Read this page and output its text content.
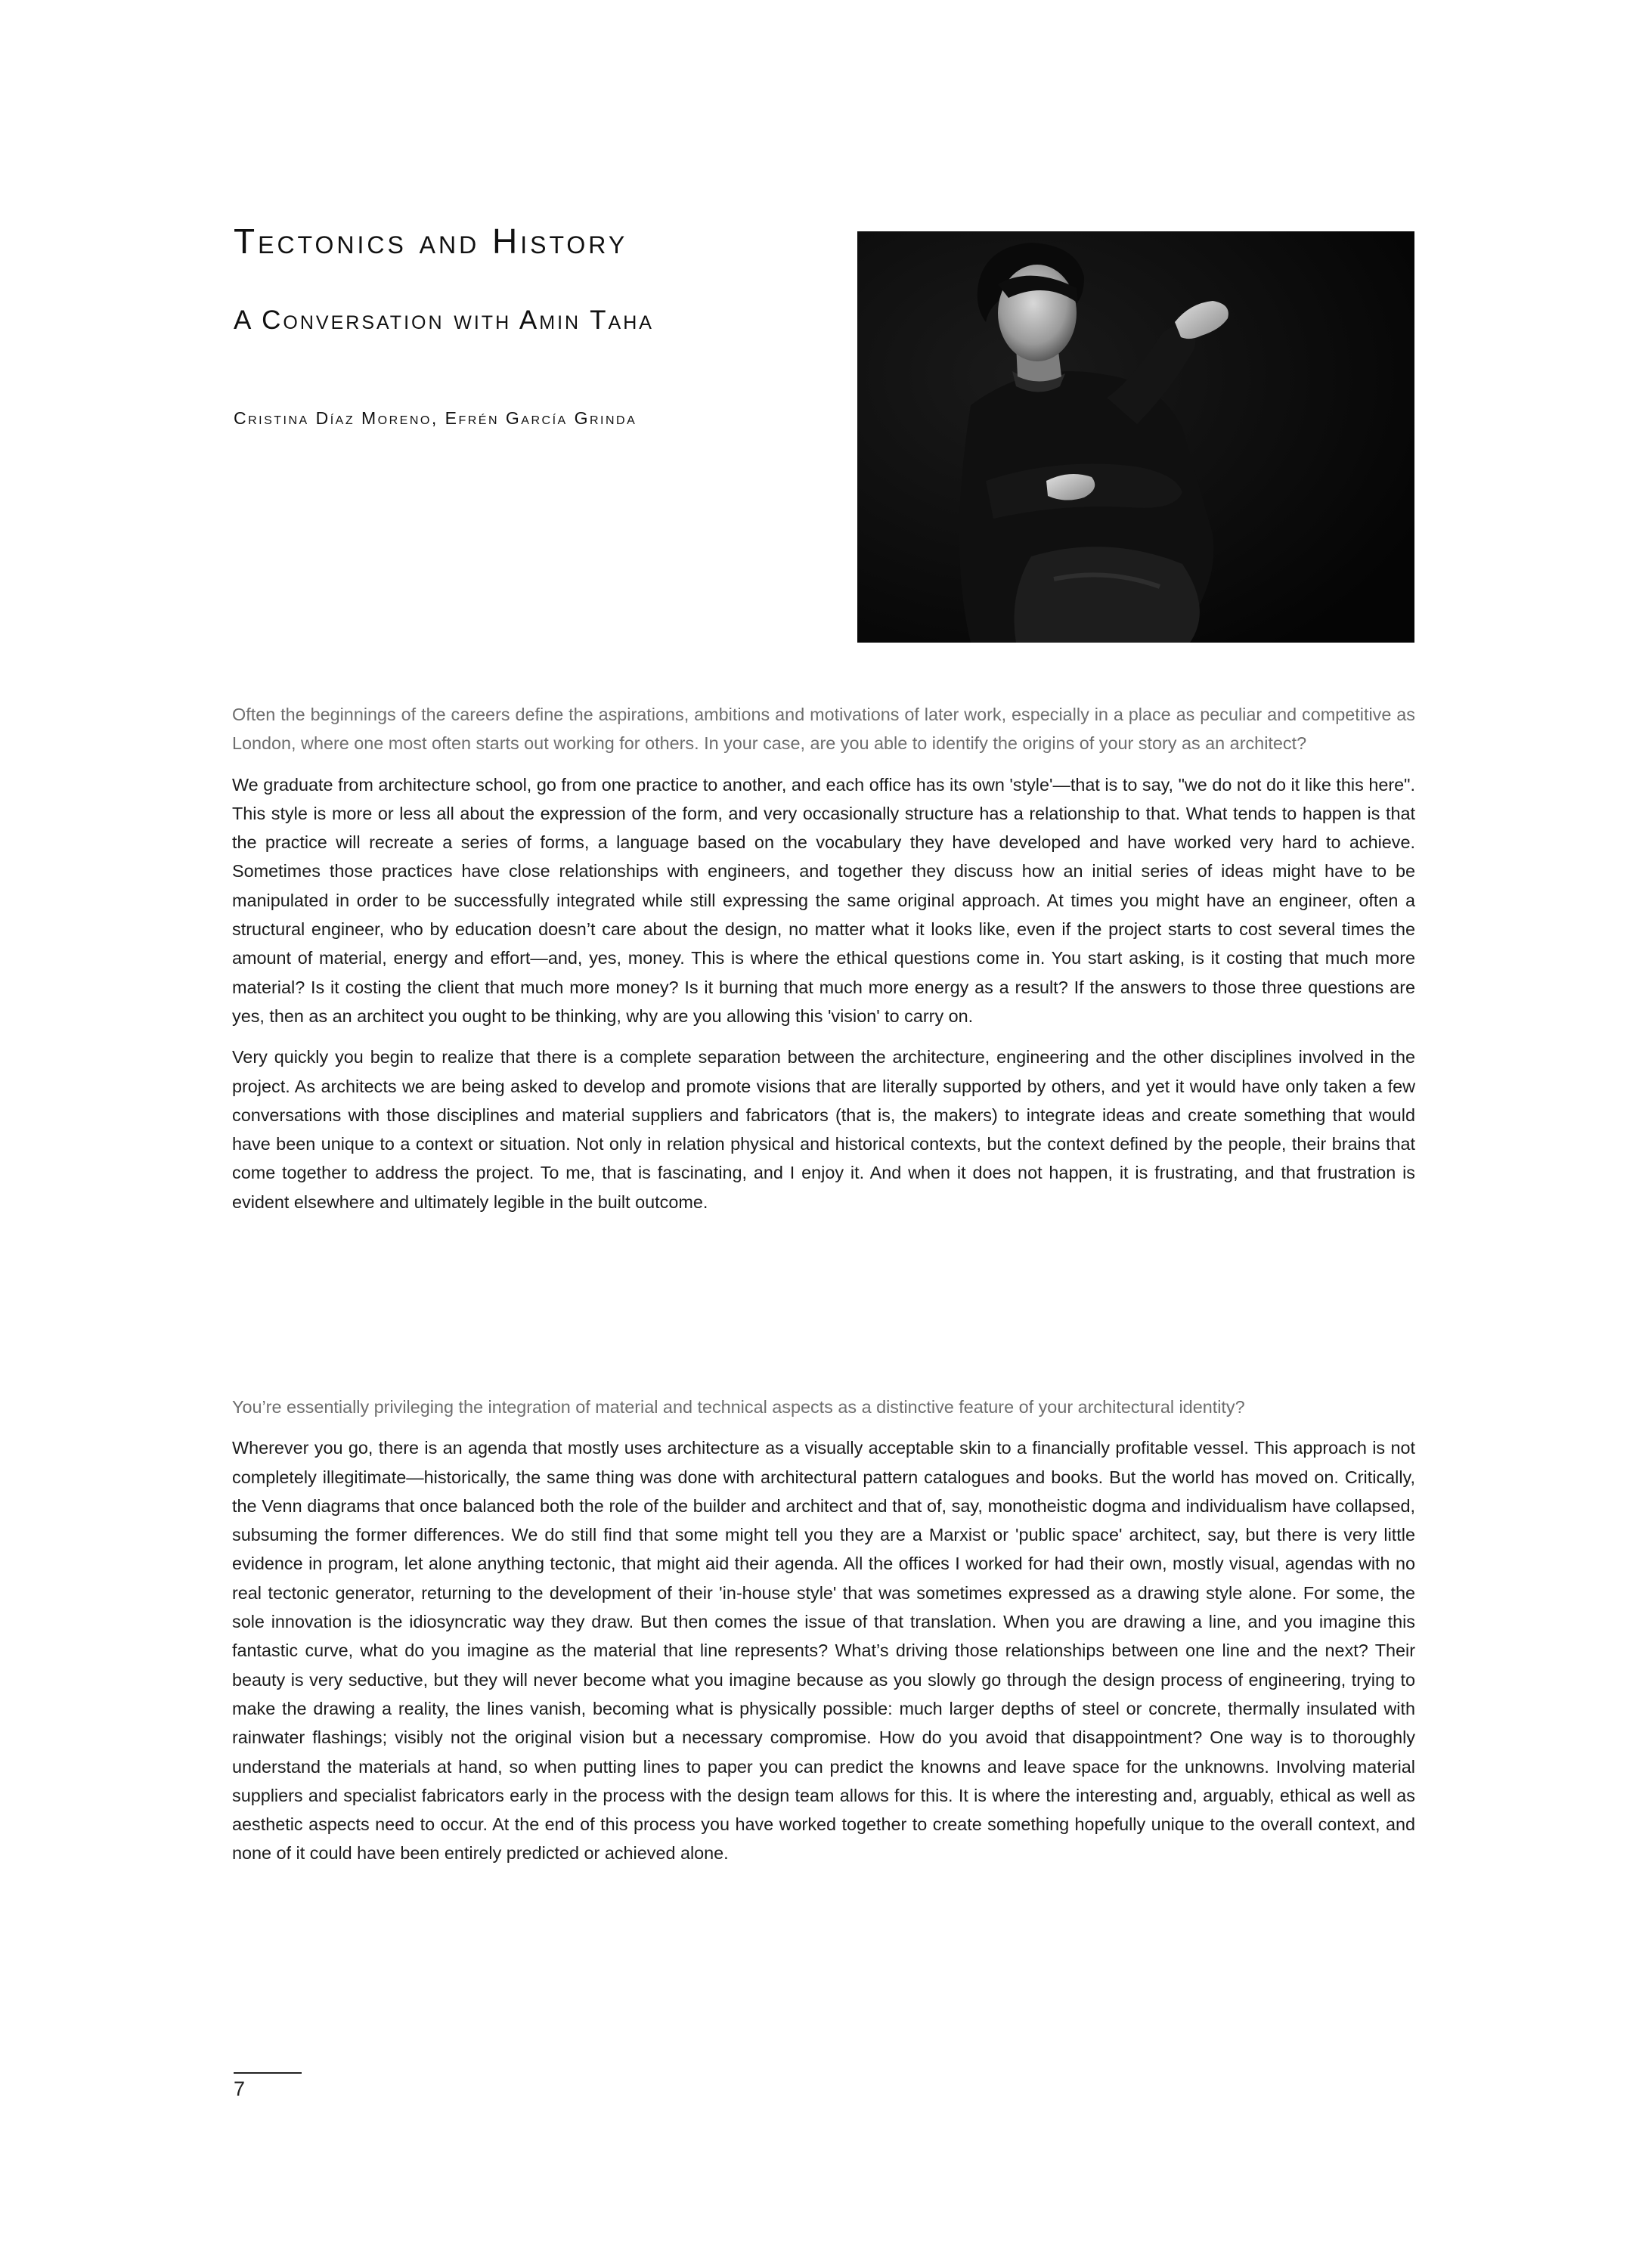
Tectonics and History
A Conversation with Amin Taha
Cristina Díaz Moreno, Efrén García Grinda

Often the beginnings of the careers define the aspirations, ambitions and motivations of later work, especially in a place as peculiar and competitive as London, where one most often starts out working for others. In your case, are you able to identify the origins of your story as an architect?

We graduate from architecture school, go from one practice to another, and each office has its own 'style'—that is to say, "we do not do it like this here". This style is more or less all about the expression of the form, and very occasionally structure has a relationship to that. What tends to happen is that the practice will recreate a series of forms, a language based on the vocabulary they have developed and have worked very hard to achieve. Sometimes those practices have close relationships with engineers, and together they discuss how an initial series of ideas might have to be manipulated in order to be successfully integrated while still expressing the same original approach. At times you might have an engineer, often a structural engineer, who by education doesn’t care about the design, no matter what it looks like, even if the project starts to cost several times the amount of material, energy and effort—and, yes, money. This is where the ethical questions come in. You start asking, is it costing that much more material? Is it costing the client that much more money? Is it burning that much more energy as a result? If the answers to those three questions are yes, then as an architect you ought to be thinking, why are you allowing this 'vision' to carry on.

Very quickly you begin to realize that there is a complete separation between the architecture, engineering and the other disciplines involved in the project. As architects we are being asked to develop and promote visions that are literally supported by others, and yet it would have only taken a few conversations with those disciplines and material suppliers and fabricators (that is, the makers) to integrate ideas and create something that would have been unique to a context or situation. Not only in relation physical and historical contexts, but the context defined by the people, their brains that come together to address the project. To me, that is fascinating, and I enjoy it. And when it does not happen, it is frustrating, and that frustration is evident elsewhere and ultimately legible in the built outcome.

You’re essentially privileging the integration of material and technical aspects as a distinctive feature of your architectural identity?

Wherever you go, there is an agenda that mostly uses architecture as a visually acceptable skin to a financially profitable vessel. This approach is not completely illegitimate—historically, the same thing was done with architectural pattern catalogues and books. But the world has moved on. Critically, the Venn diagrams that once balanced both the role of the builder and architect and that of, say, monotheistic dogma and individualism have collapsed, subsuming the former differences. We do still find that some might tell you they are a Marxist or 'public space' architect, say, but there is very little evidence in program, let alone anything tectonic, that might aid their agenda. All the offices I worked for had their own, mostly visual, agendas with no real tectonic generator, returning to the development of their 'in-house style' that was sometimes expressed as a drawing style alone. For some, the sole innovation is the idiosyncratic way they draw. But then comes the issue of that translation. When you are drawing a line, and you imagine this fantastic curve, what do you imagine as the material that line represents? What’s driving those relationships between one line and the next? Their beauty is very seductive, but they will never become what you imagine because as you slowly go through the design process of engineering, trying to make the drawing a reality, the lines vanish, becoming what is physically possible: much larger depths of steel or concrete, thermally insulated with rainwater flashings; visibly not the original vision but a necessary compromise. How do you avoid that disappointment? One way is to thoroughly understand the materials at hand, so when putting lines to paper you can predict the knowns and leave space for the unknowns. Involving material suppliers and specialist fabricators early in the process with the design team allows for this. It is where the interesting and, arguably, ethical as well as aesthetic aspects need to occur. At the end of this process you have worked together to create something hopefully unique to the overall context, and none of it could have been entirely predicted or achieved alone.

7
